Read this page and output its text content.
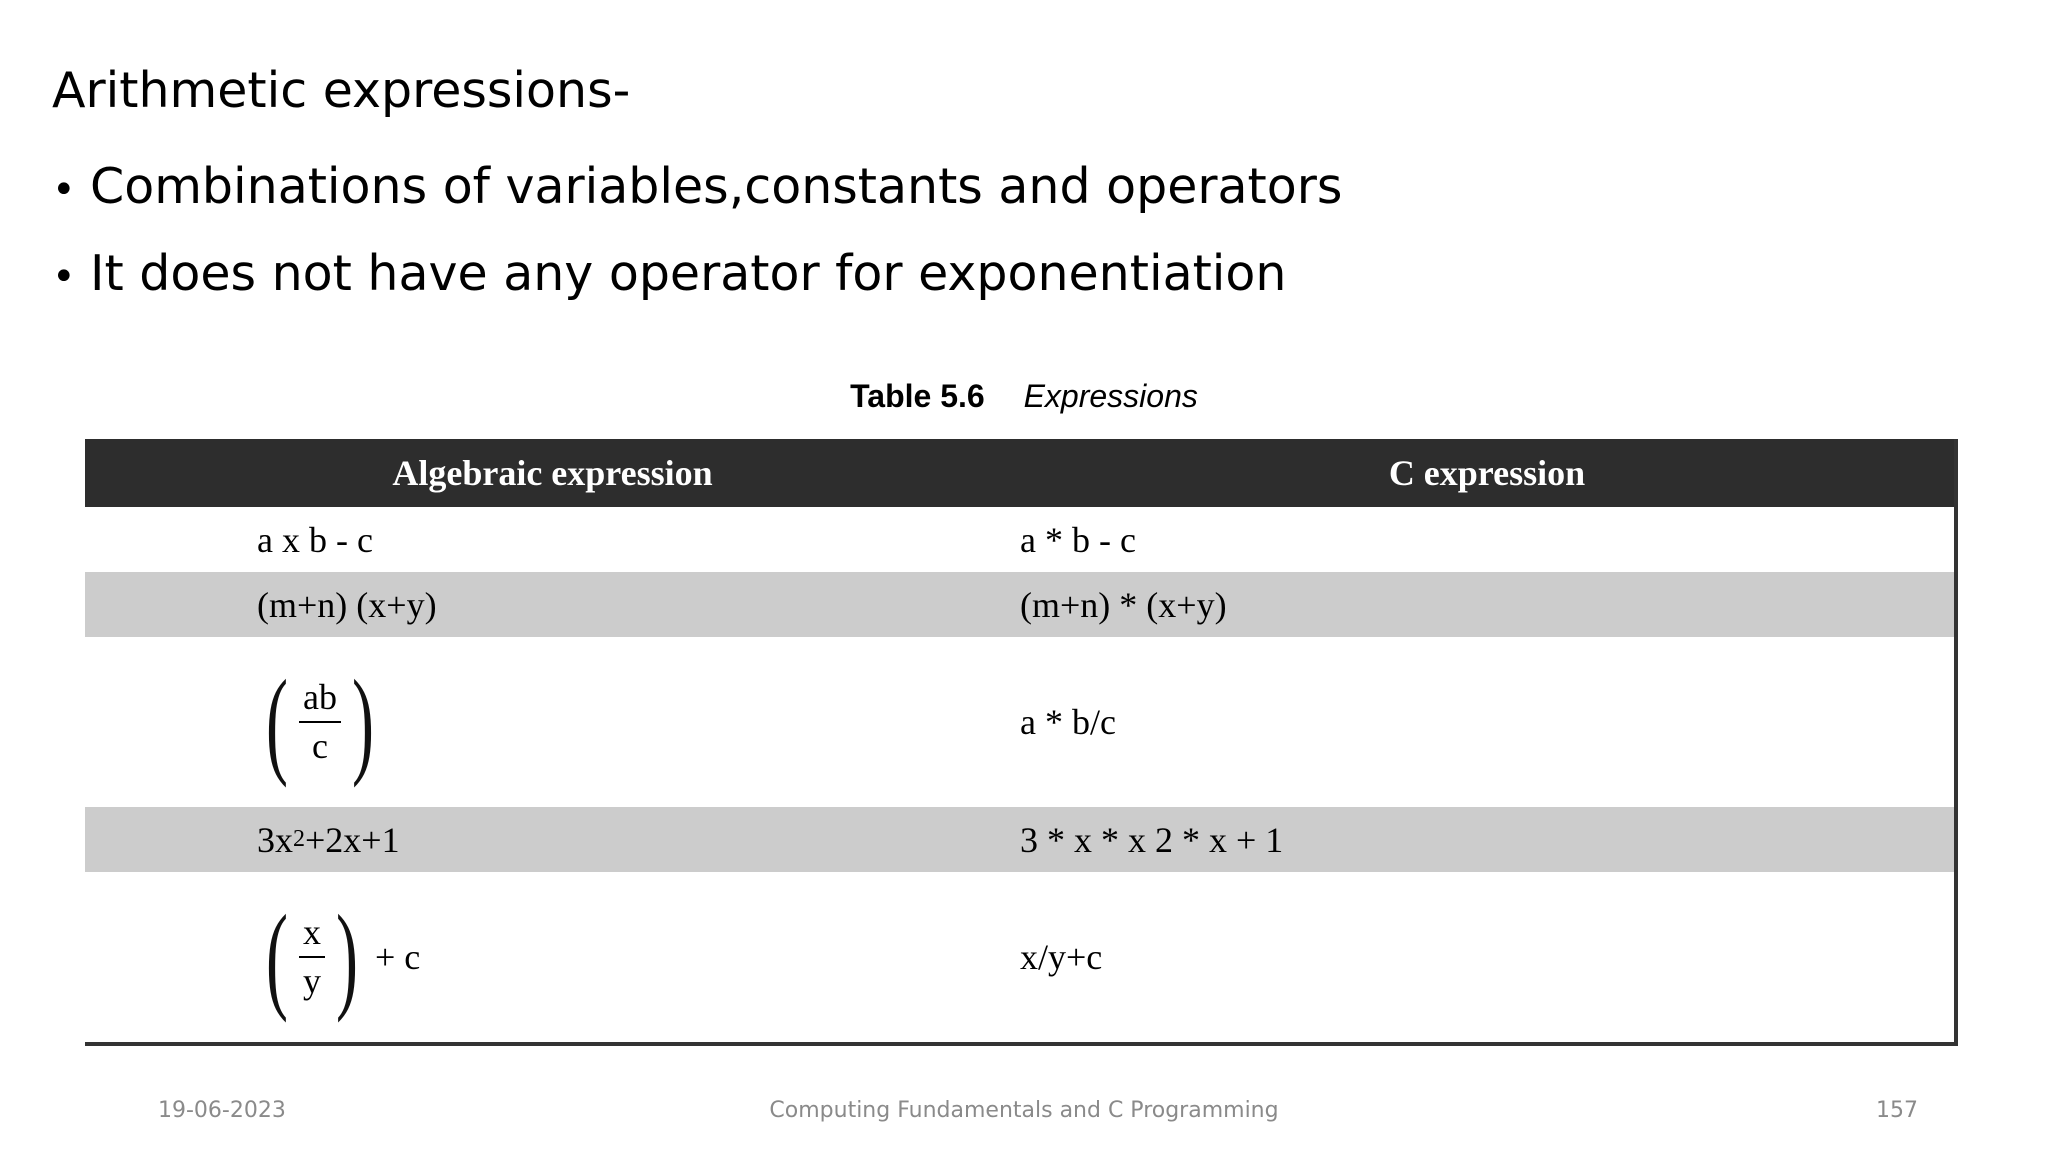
Arithmetic expressions-
• Combinations of variables,constants and operators
• It does not have any operator for exponentiation
Table 5.6 Expressions
Algebraic expression	C expression
a x b - c	a * b - c
(m+n) (x+y)	(m+n) * (x+y)
( $\frac{ab}{c}$ )	a * b/c
3x 2 +2x+1	3 * x * x 2 * x + 1
( $\frac{x}{y}$ ) + c	x/y+c
19-06-2023	Computing Fundamentals and C Programming	157
